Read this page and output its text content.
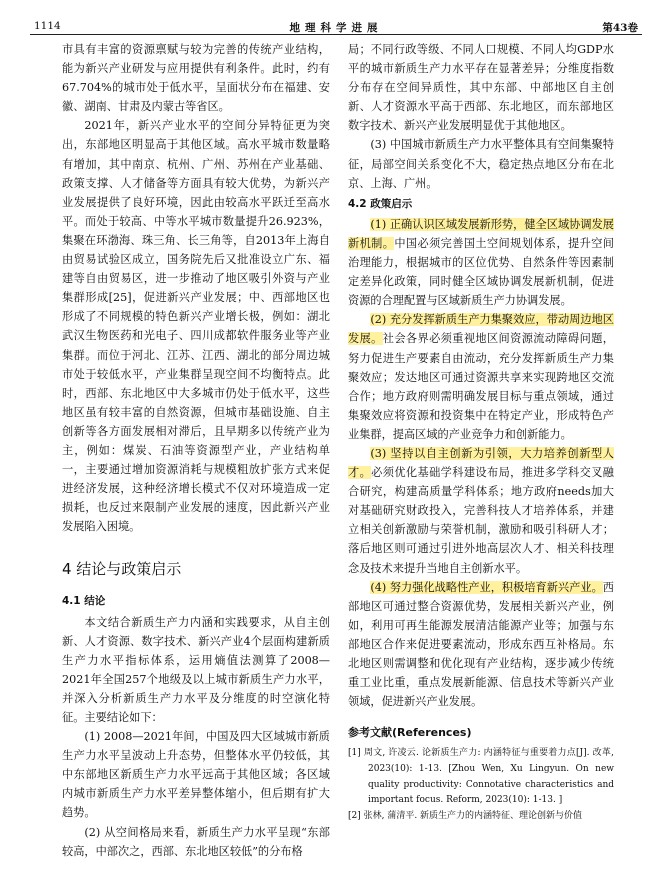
1114	地理科学进展	第43卷

市具有丰富的资源禀赋与较为完善的传统产业结构，能为新兴产业研发与应用提供有利条件。此时，约有67.704%的城市处于低水平，呈面状分布在福建、安徽、湖南、甘肃及内蒙古等省区。

2021年，新兴产业水平的空间分异特征更为突出，东部地区明显高于其他区域。高水平城市数量略有增加，其中南京、杭州、广州、苏州在产业基础、政策支撑、人才储备等方面具有较大优势，为新兴产业发展提供了良好环境，因此由较高水平跃迁至高水平。而处于较高、中等水平城市数量提升26.923%，集聚在环渤海、珠三角、长三角等，自2013年上海自由贸易试验区成立，国务院先后又批准设立广东、福建等自由贸易区，进一步推动了地区吸引外资与产业集群形成[25]，促进新兴产业发展；中、西部地区也形成了不同规模的特色新兴产业增长极，例如：湖北武汉生物医药和光电子、四川成都软件服务业等产业集群。而位于河北、江苏、江西、湖北的部分周边城市处于较低水平，产业集群呈现空间不均衡特点。此时，西部、东北地区中大多城市仍处于低水平，这些地区虽有较丰富的自然资源，但城市基础设施、自主创新等各方面发展相对滞后，且早期多以传统产业为主，例如：煤炭、石油等资源型产业，产业结构单一，主要通过增加资源消耗与规模粗放扩张方式来促进经济发展，这种经济增长模式不仅对环境造成一定损耗，也反过来限制产业发展的速度，因此新兴产业发展陷入困境。

4 结论与政策启示
4.1 结论

本文结合新质生产力内涵和实践要求，从自主创新、人才资源、数字技术、新兴产业4个层面构建新质生产力水平指标体系，运用熵值法测算了2008—2021年全国257个地级及以上城市新质生产力水平，并深入分析新质生产力水平及分维度的时空演化特征。主要结论如下：

(1) 2008—2021年间，中国及四大区域城市新质生产力水平呈波动上升态势，但整体水平仍较低，其中东部地区新质生产力水平远高于其他区域；各区域内城市新质生产力水平差异整体缩小，但后期有扩大趋势。

(2) 从空间格局来看，新质生产力水平呈现“东部较高，中部次之，西部、东北地区较低”的分布格

局；不同行政等级、不同人口规模、不同人均GDP水平的城市新质生产力水平存在显著差异；分维度指数分布存在空间异质性，其中东部、中部地区自主创新、人才资源水平高于西部、东北地区，而东部地区数字技术、新兴产业发展明显优于其他地区。

(3) 中国城市新质生产力水平整体具有空间集聚特征，局部空间关系变化不大，稳定热点地区分布在北京、上海、广州。

4.2 政策启示

(1) 正确认识区域发展新形势，健全区域协调发展新机制。中国必须完善国土空间规划体系，提升空间治理能力，根据城市的区位优势、自然条件等因素制定差异化政策，同时健全区域协调发展新机制，促进资源的合理配置与区域新质生产力协调发展。

(2) 充分发挥新质生产力集聚效应，带动周边地区发展。社会各界必须重视地区间资源流动障碍问题，努力促进生产要素自由流动，充分发挥新质生产力集聚效应；发达地区可通过资源共享来实现跨地区交流合作；地方政府则需明确发展目标与重点领域，通过集聚效应将资源和投资集中在特定产业，形成特色产业集群，提高区域的产业竞争力和创新能力。

(3) 坚持以自主创新为引领，大力培养创新型人才。必须优化基础学科建设布局，推进多学科交叉融合研究，构建高质量学科体系；地方政府needs加大对基础研究财政投入，完善科技人才培养体系，并建立相关创新激励与荣誉机制，激励和吸引科研人才；落后地区则可通过引进外地高层次人才、相关科技理念及技术来提升当地自主创新水平。

(4) 努力强化战略性产业，积极培育新兴产业。西部地区可通过整合资源优势，发展相关新兴产业，例如，利用可再生能源发展清洁能源产业等；加强与东部地区合作来促进要素流动，形成东西互补格局。东北地区则需调整和优化现有产业结构，逐步减少传统重工业比重，重点发展新能源、信息技术等新兴产业领域，促进新兴产业发展。

参考文献(References)

[1] 周文, 许凌云. 论新质生产力: 内涵特征与重要着力点[J]. 改革, 2023(10): 1-13. [Zhou Wen, Xu Lingyun. On new quality productivity: Connotative characteristics and important focus. Reform, 2023(10): 1-13. ]

[2] 张林, 蒲清平. 新质生产力的内涵特征、理论创新与价值
